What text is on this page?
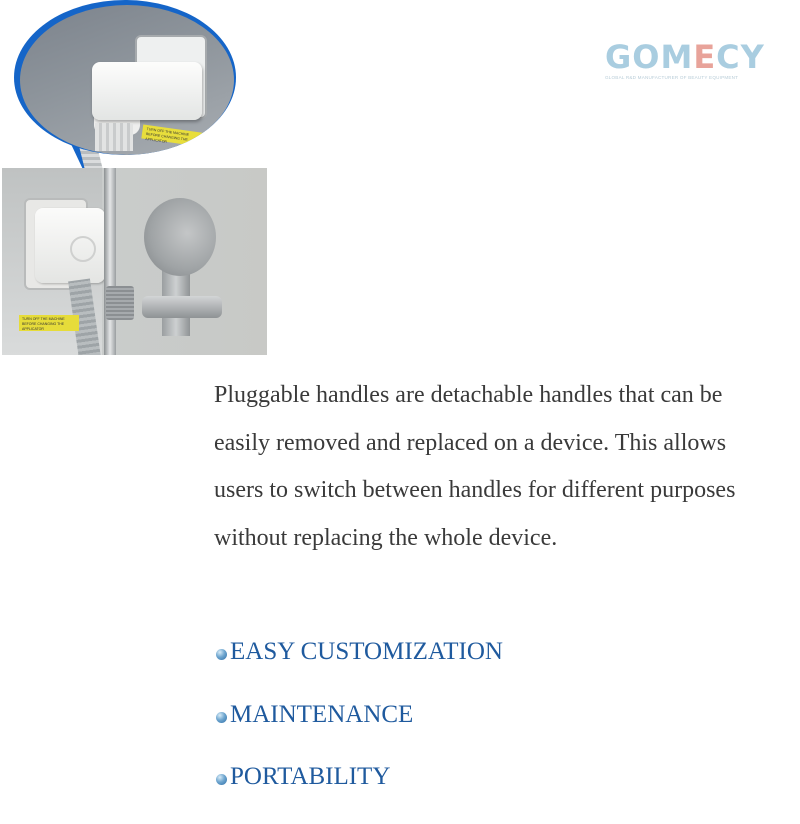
TURN OFF THE MACHINE BEFORE CHANGING THE APPLICATOR
TURN OFF THE MACHINE BEFORE CHANGING THE APPLICATOR
GOMECY
GLOBAL R&D MANUFACTURER OF BEAUTY EQUIPMENT

Pluggable handles are detachable handles that can be

easily removed and replaced on a device. This allows

users to switch between handles for different purposes

without replacing the whole device.

EASY CUSTOMIZATION
MAINTENANCE
PORTABILITY
